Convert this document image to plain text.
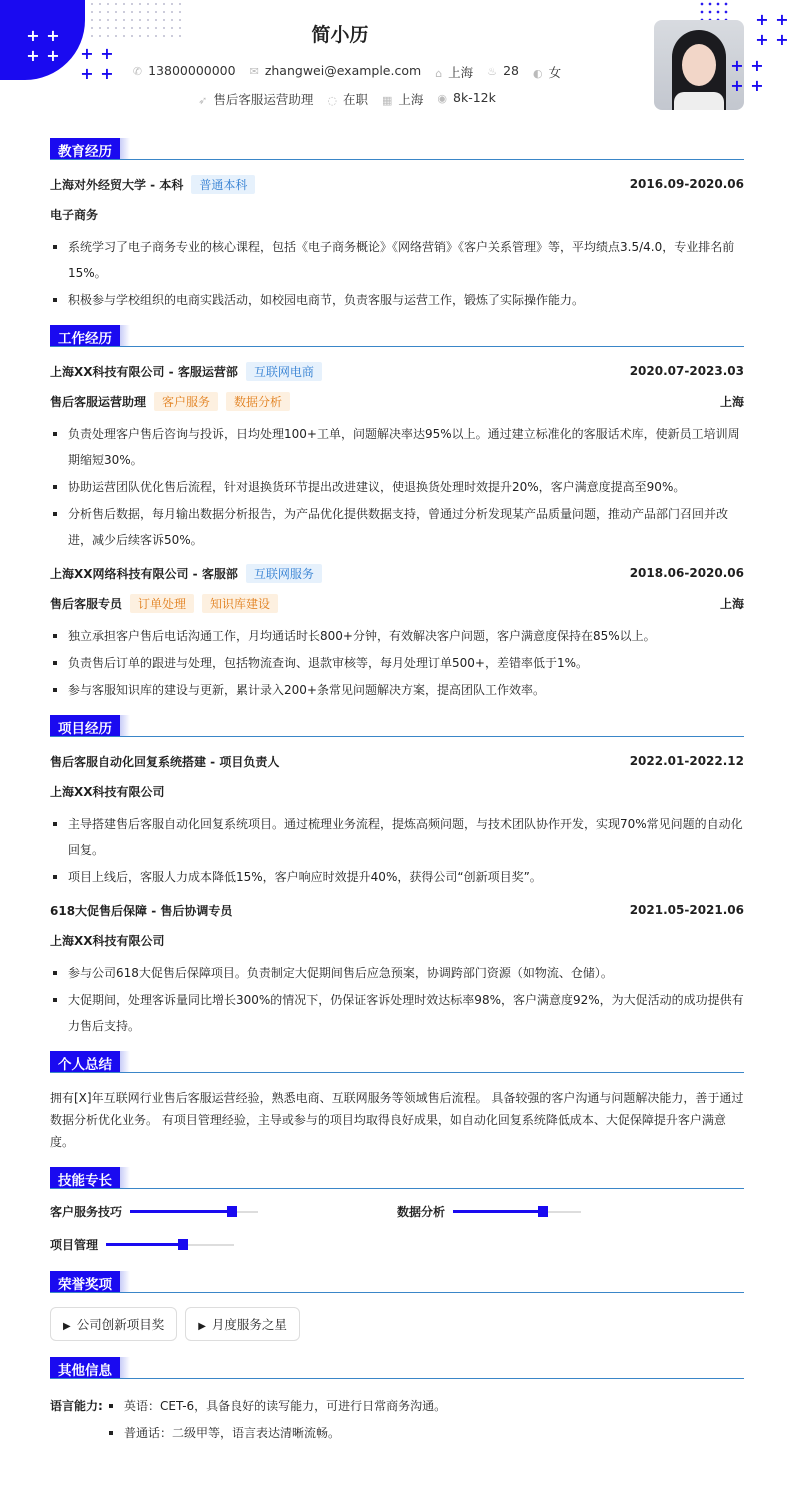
+ +
+ + + +
+ +
简小历
✆ 13800000000 ✉ zhangwei@example.com ⌂ 上海 ♨ 28 ◐ 女
➶ 售后客服运营助理 ◌ 在职 ▦ 上海 ◉ 8k-12k
+ +
+ +
+ +
+ +
教育经历
上海对外经贸大学 - 本科 普通本科	2016.09-2020.06
电子商务
系统学习了电子商务专业的核心课程，包括《电子商务概论》《网络营销》《客户关系管理》等，平均绩点3.5/4.0，专业排名前15%。
积极参与学校组织的电商实践活动，如校园电商节，负责客服与运营工作，锻炼了实际操作能力。
工作经历
上海XX科技有限公司 - 客服运营部 互联网电商	2020.07-2023.03
售后客服运营助理 客户服务 数据分析	上海
负责处理客户售后咨询与投诉，日均处理100+工单，问题解决率达95%以上。通过建立标准化的客服话术库，使新员工培训周期缩短30%。
协助运营团队优化售后流程，针对退换货环节提出改进建议，使退换货处理时效提升20%，客户满意度提高至90%。
分析售后数据，每月输出数据分析报告，为产品优化提供数据支持，曾通过分析发现某产品质量问题，推动产品部门召回并改进，减少后续客诉50%。
上海XX网络科技有限公司 - 客服部 互联网服务	2018.06-2020.06
售后客服专员 订单处理 知识库建设	上海
独立承担客户售后电话沟通工作，月均通话时长800+分钟，有效解决客户问题，客户满意度保持在85%以上。
负责售后订单的跟进与处理，包括物流查询、退款审核等，每月处理订单500+，差错率低于1%。
参与客服知识库的建设与更新，累计录入200+条常见问题解决方案，提高团队工作效率。
项目经历
售后客服自动化回复系统搭建 - 项目负责人	2022.01-2022.12
上海XX科技有限公司
主导搭建售后客服自动化回复系统项目。通过梳理业务流程，提炼高频问题，与技术团队协作开发，实现70%常见问题的自动化回复。
项目上线后，客服人力成本降低15%，客户响应时效提升40%，获得公司“创新项目奖”。
618大促售后保障 - 售后协调专员	2021.05-2021.06
上海XX科技有限公司
参与公司618大促售后保障项目。负责制定大促期间售后应急预案，协调跨部门资源（如物流、仓储）。
大促期间，处理客诉量同比增长300%的情况下，仍保证客诉处理时效达标率98%，客户满意度92%，为大促活动的成功提供有力售后支持。
个人总结

拥有[X]年互联网行业售后客服运营经验，熟悉电商、互联网服务等领域售后流程。 具备较强的客户沟通与问题解决能力，善于通过数据分析优化业务。 有项目管理经验，主导或参与的项目均取得良好成果，如自动化回复系统降低成本、大促保障提升客户满意度。

技能专长
客户服务技巧	数据分析
项目管理
荣誉奖项
▶ 公司创新项目奖	▶ 月度服务之星
其他信息
语言能力:	英语：CET-6，具备良好的读写能力，可进行日常商务沟通。
普通话：二级甲等，语言表达清晰流畅。
